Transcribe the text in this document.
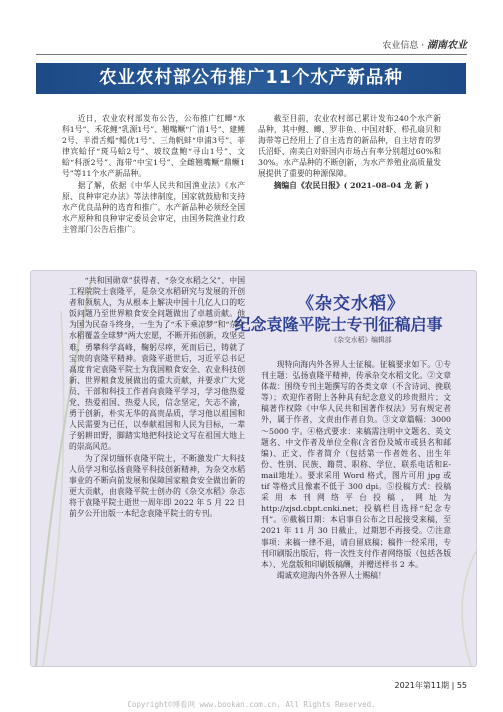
农业信息 · 湖南农业
农业农村部公布推广11个水产新品种

近日，农业农村部发布公告，公布推广红鲫“水科1号”、禾花鲤“乳源1号”、翘嘴鳜“广清1号”、建鲤2号、半滑舌鳎“鳎优1号”、三角帆蚌“申浦3号”、菲律宾蛤仔“斑马蛤2号”、坡纹盘鲍“寻山1号”、文蛤“科浙2号”、海带“中宝1号”、全雌翘嘴鳜“鼎鳜1号”等11个水产新品种。

据了解，依据《中华人民共和国渔业法》《水产原、良种审定办法》等法律制度，国家就鼓励和支持水产优良品种的选育和推广。水产新品种必须经全国水产原种和良种审定委员会审定，由国务院渔业行政主管部门公告后推广。

截至目前，农业农村部已累计发布240个水产新品种，其中鲤、鲫、罗非鱼、中国对虾、栉孔扇贝和海带等已经用上了自主选育的新品种，自主培育的罗氏沼虾、南美白对虾国内市场占有率分别超过60%和30%。水产品种的不断创新，为水产养殖业高质量发展提供了重要的种源保障。

摘编自《农民日报》( 2021–08–04 龙 新 )

《杂交水稻》
纪念袁隆平院士专刊征稿启事
《杂交水稻》编辑部

“共和国勋章”获得者、“杂交水稻之父”、中国工程院院士袁隆平，是杂交水稻研究与发展的开创者和领航人，为从根本上解决中国十几亿人口的吃饭问题乃至世界粮食安全问题做出了卓越贡献。他为国为民奋斗终身，一生为了“禾下乘凉梦”和“杂交水稻覆盖全球梦”两大宏愿，不断开拓创新，攻坚克难，勇攀科学高峰，鞠躬尽瘁，死而后已，铸就了宝贵的袁隆平精神。袁隆平逝世后，习近平总书记高度肯定袁隆平院士为我国粮食安全、农业科技创新、世界粮食发展做出的重大贡献，并要求广大党员、干部和科技工作者向袁隆平学习，学习他热爱党、热爱祖国、热爱人民，信念坚定，矢志不渝，勇于创新，朴实无华的高贵品质，学习他以祖国和人民需要为已任，以奉献祖国和人民为目标，一辈子躬耕田野，脚踏实地把科技论文写在祖国大地上的崇高风范。

为了深切缅怀袁隆平院士，不断激发广大科技人员学习和弘扬袁隆平科技创新精神，为杂交水稻事业的不断向前发展和保障国家粮食安全做出新的更大贡献，由袁隆平院士创办的《杂交水稻》杂志将于袁隆平院士逝世一周年即 2022 年 5 月 22 日前夕公开出版一本纪念袁隆平院士的专刊。

现特向海内外各界人士征稿。征稿要求如下。①专刊主题：弘扬袁隆平精神，传承杂交水稻文化。②文章体裁：围绕专刊主题撰写的各类文章（不含诗词、挽联等）；欢迎作者附上各种具有纪念意义的珍贵照片；文稿著作权除《中华人民共和国著作权法》另有规定者外，属于作者，文责由作者自负。③文章篇幅：3000～5000 字。④格式要求：来稿需注明中文题名、英文题名、中文作者及单位全称(含省份及城市或县名和邮编)、正文、作者简介（包括第一作者姓名、出生年份、性别、民族、籍贯、职称、学位、联系电话和E-mail地址）。要求采用 Word 格式，图片可用 jpg 或 tif 等格式且像素不低于 300 dpi。⑤投稿方式：投稿采用本刊网络平台投稿，网址为http://zjsd.cbpt.cnki.net；投稿栏目选择“纪念专刊”。⑥截稿日期：本启事自公布之日起接受来稿，至 2021 年 11 月 30 日截止，过期恕不再接受。⑦注意事项：来稿一律不退，请自留底稿；稿件一经采用，专刊印刷版出版后，将一次性支付作者网络版（包括各版本）、光盘版和印刷版稿酬，并赠送样书 2 本。

竭诚欢迎海内外各界人士赐稿！

2021年第11期 | 55
Copyright©博看网 www.bookan.com.cn. All Rights Reserved.
